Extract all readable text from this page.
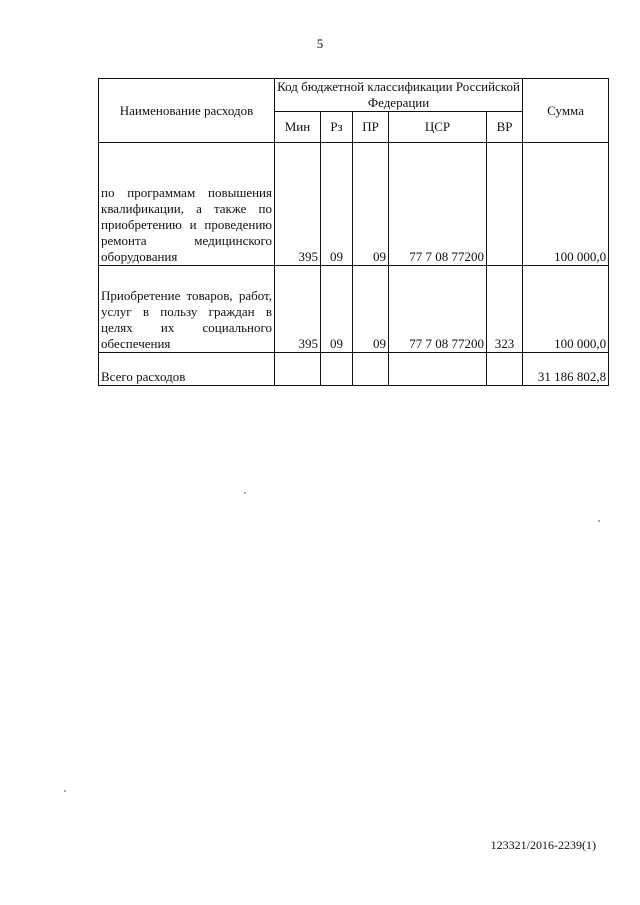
5
Наименование расходов	Код бюджетной классификации Российской Федерации					Сумма
	Мин	Рз	ПР	ЦСР	ВР	
по программам повышения квалификации, а также по приобретению и проведению ремонта медицинского оборудования	395	09	09	77 7 08 77200		100 000,0
Приобретение товаров, работ, услуг в пользу граждан в целях их социального обеспечения	395	09	09	77 7 08 77200	323	100 000,0
Всего расходов						31 186 802,8
123321/2016-2239(1)
